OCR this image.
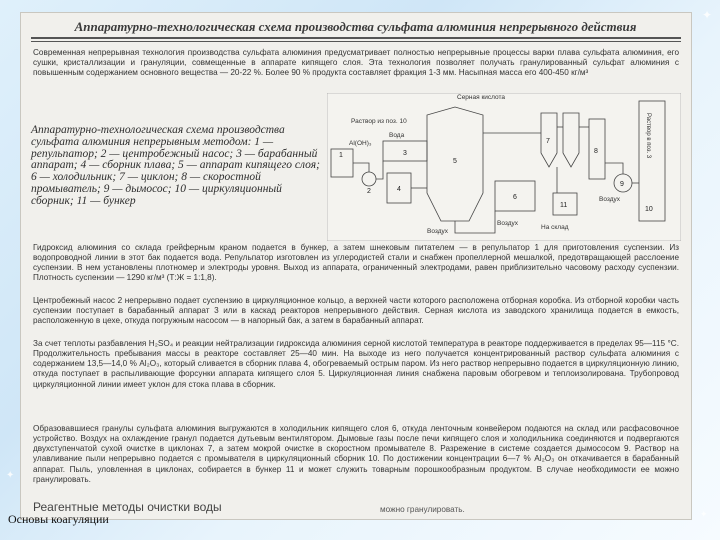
✦
✦
✦
Аппаратурно-технологическая схема производства сульфата алюминия непрерывного действия
Современная непрерывная технология производства сульфата алюминия предусматривает полностью непрерывные процессы варки плава сульфата алюминия, его сушки, кристаллизации и грануляции, совмещенные в аппарате кипящего слоя. Эта технология позволяет получать гранулированный сульфат алюминия с повышенным содержанием основного вещества — 20-22 %. Более 90 % продукта составляет фракция 1-3 мм. Насыпная масса его 400-450 кг/м³
Аппаратурно-технологическая схема производства сульфата алюминия непрерывным методом: 1 — репульпатор; 2 — центробежный насос; 3 — барабанный аппарат; 4 — сборник плава; 5 — аппарат кипящего слоя; 6 — холодильник; 7 — циклон; 8 — скоростной промыватель; 9 — дымосос; 10 — циркуляционный сборник; 11 — бункер
Серная кислота
Раствор из поз. 10
Al(OH)₃
Вода
Воздух
Воздух
На склад
Раствор в поз. 3
Воздух
1
2
3
4
5
6
7
8
9
10
11
Гидроксид алюминия со склада грейферным краном подается в бункер, а затем шнековым питателем — в репульпатор 1 для приготовления суспензии. Из водопроводной линии в этот бак подается вода. Репульпатор изготовлен из углеродистей стали и снабжен пропеллерной мешалкой, предотвращающей расслоение суспензии. В нем установлены плотномер и электроды уровня. Выход из аппарата, ограниченный электродами, равен приблизительно часовому расходу суспензии. Плотность суспензии — 1290 кг/м³ (Т:Ж = 1:1,8).
Центробежный насос 2 непрерывно подает суспензию в циркуляционное кольцо, а верхней части которого расположена отборная коробка. Из отборной коробки часть суспензии поступает в барабанный аппарат 3 или в каскад реакторов непрерывного действия. Серная кислота из заводского хранилища подается в емкость, расположенную в цехе, откуда погружным насосом — в напорный бак, а затем в барабанный аппарат.
За счет теплоты разбавления H₂SO₄ и реакции нейтрализации гидроксида алюминия серной кислотой температура в реакторе поддерживается в пределах 95—115 °С. Продолжительность пребывания массы в реакторе составляет 25—40 мин. На выходе из него получается концентрированный раствор сульфата алюминия с содержанием 13,5—14,0 % Al₂O₃, который сливается в сборник плава 4, обогреваемый острым паром. Из него раствор непрерывно подается в циркуляционную линию, откуда поступает в распыливающие форсунки аппарата кипящего слоя 5. Циркуляционная линия снабжена паровым обогревом и теплоизолирована. Трубопровод циркуляционной линии имеет уклон для стока плава в сборник.
Образовавшиеся гранулы сульфата алюминия выгружаются в холодильник кипящего слоя 6, откуда ленточным конвейером подаются на склад или расфасовочное устройство. Воздух на охлаждение гранул подается дутьевым вентилятором. Дымовые газы после печи кипящего слоя и холодильника соединяются и подвергаются двухступенчатой сухой очистке в циклонах 7, а затем мокрой очистке в скоростном промывателе 8. Разрежение в системе создается дымососом 9. Раствор на улавливание пыли непрерывно подается с промывателя в циркуляционный сборник 10. По достижении концентрации 6—7 % Al₂O₃ он откачивается в барабанный аппарат. Пыль, уловленная в циклонах, собирается в бункер 11 и может служить товарным порошкообразным продуктом. В случае необходимости ее можно гранулировать.
Реагентные методы очистки воды	можно гранулировать.
Основы коагуляции
